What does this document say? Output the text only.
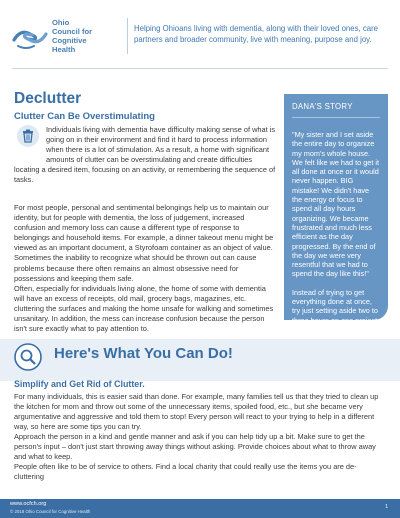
Ohio
Council for
Cognitive
Health
Helping Ohioans living with dementia, along with their loved ones, care partners and broader community, live with meaning, purpose and joy.
Declutter
Clutter Can Be Overstimulating
Individuals living with dementia have difficulty making sense of what is going on in their environment and find it hard to process information when there is a lot of stimulation. As a result, a home with significant amounts of clutter can be overstimulating and create difficulties locating a desired item, focusing on an activity, or remembering the sequence of tasks.
For most people, personal and sentimental belongings help us to maintain our identity, but for people with dementia, the loss of judgement, increased confusion and memory loss can cause a different type of response to belongings and household items. For example, a dinner takeout menu might be viewed as an important document, a Styrofoam container as an object of value. Sometimes the inability to recognize what should be thrown out can cause problems because there often remains an almost obsessive need for possessions and keeping them safe.
Often, especially for individuals living alone, the home of some with dementia will have an excess of receipts, old mail, grocery bags, magazines, etc. cluttering the surfaces and making the home unsafe for walking and sometimes unsanitary. In addition, the mess can increase confusion because the person isn't sure exactly what to pay attention to.
DANA'S STORY
"My sister and I set aside the entire day to organize my mom's whole house. We felt like we had to get it all done at once or it would never happen. BIG mistake! We didn't have the energy or focus to spend all day hours organizing. We became frustrated and much less efficient as the day progressed. By the end of the day we were very resentful that we had to spend the day like this!"
Instead of trying to get everything done at once, try just setting aside two to three hours on one project or space in the house. This
Here's What You Can Do!
Simplify and Get Rid of Clutter.
For many individuals, this is easier said than done. For example, many families tell us that they tried to clean up the kitchen for mom and throw out some of the unnecessary items, spoiled food, etc., but she became very argumentative and aggressive and told them to stop! Every person will react to your trying to help in a different way, so here are some tips you can try.
Approach the person in a kind and gentle manner and ask if you can help tidy up a bit. Make sure to get the person's input – don't just start throwing away things without asking. Provide choices about what to throw away and what to keep.
People often like to be of service to others. Find a local charity that could really use the items you are de-cluttering
www.ocfch.org
© 2018 Ohio Council for Cognitive Health
1
